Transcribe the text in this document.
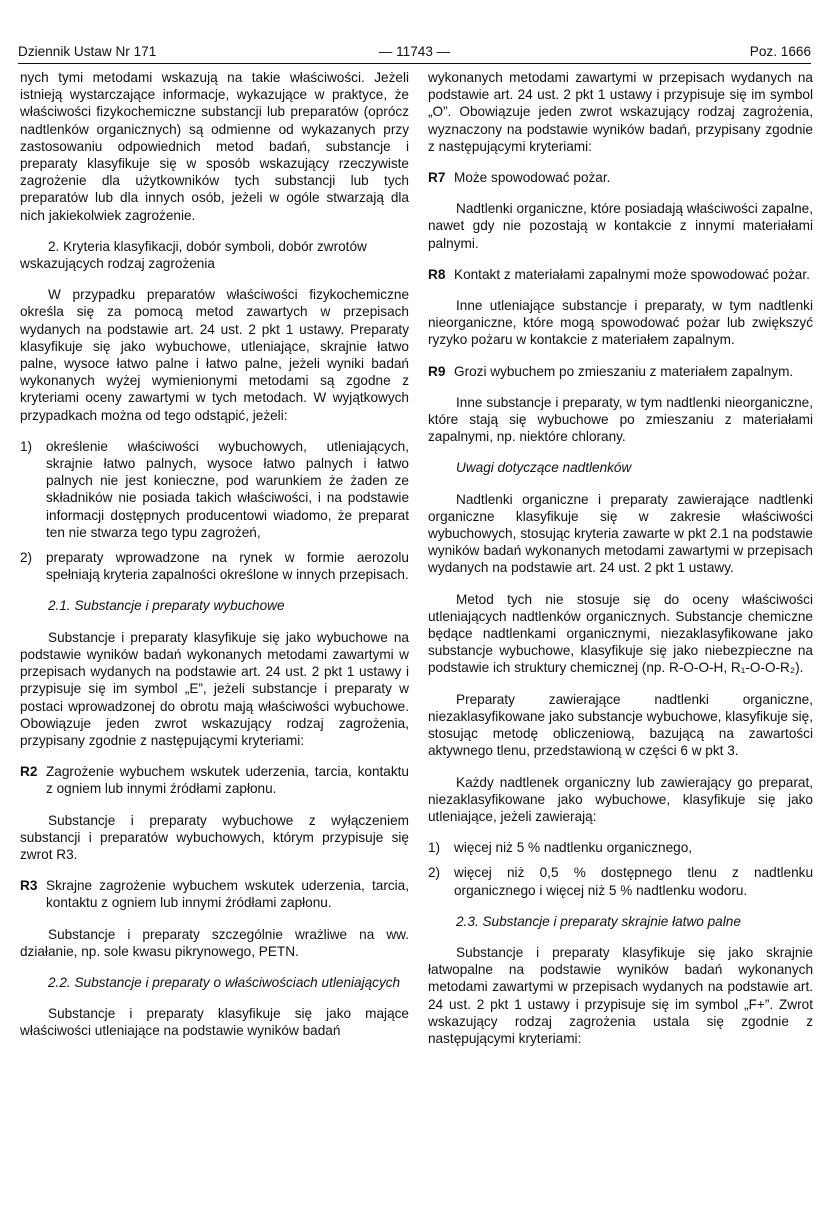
Dziennik Ustaw Nr 171	— 11743 —	Poz. 1666

nych tymi metodami wskazują na takie właściwości. Jeżeli istnieją wystarczające informacje, wykazujące w praktyce, że właściwości fizykochemiczne substancji lub preparatów (oprócz nadtlenków organicznych) są odmienne od wykazanych przy zastosowaniu odpowiednich metod badań, substancje i preparaty klasyfikuje się w sposób wskazujący rzeczywiste zagrożenie dla użytkowników tych substancji lub tych preparatów lub dla innych osób, jeżeli w ogóle stwarzają dla nich jakiekolwiek zagrożenie.

2. Kryteria klasyfikacji, dobór symboli, dobór zwrotów wskazujących rodzaj zagrożenia

W przypadku preparatów właściwości fizykochemiczne określa się za pomocą metod zawartych w przepisach wydanych na podstawie art. 24 ust. 2 pkt 1 ustawy. Preparaty klasyfikuje się jako wybuchowe, utleniające, skrajnie łatwo palne, wysoce łatwo palne i łatwo palne, jeżeli wyniki badań wykonanych wyżej wymienionymi metodami są zgodne z kryteriami oceny zawartymi w tych metodach. W wyjątkowych przypadkach można od tego odstąpić, jeżeli:

1) określenie właściwości wybuchowych, utleniających, skrajnie łatwo palnych, wysoce łatwo palnych i łatwo palnych nie jest konieczne, pod warunkiem że żaden ze składników nie posiada takich właściwości, i na podstawie informacji dostępnych producentowi wiadomo, że preparat ten nie stwarza tego typu zagrożeń,
2) preparaty wprowadzone na rynek w formie aerozolu spełniają kryteria zapalności określone w innych przepisach.

2.1. Substancje i preparaty wybuchowe

Substancje i preparaty klasyfikuje się jako wybuchowe na podstawie wyników badań wykonanych metodami zawartymi w przepisach wydanych na podstawie art. 24 ust. 2 pkt 1 ustawy i przypisuje się im symbol „E”, jeżeli substancje i preparaty w postaci wprowadzonej do obrotu mają właściwości wybuchowe. Obowiązuje jeden zwrot wskazujący rodzaj zagrożenia, przypisany zgodnie z następującymi kryteriami:

R2 Zagrożenie wybuchem wskutek uderzenia, tarcia, kontaktu z ogniem lub innymi źródłami zapłonu.

Substancje i preparaty wybuchowe z wyłączeniem substancji i preparatów wybuchowych, którym przypisuje się zwrot R3.

R3 Skrajne zagrożenie wybuchem wskutek uderzenia, tarcia, kontaktu z ogniem lub innymi źródłami zapłonu.

Substancje i preparaty szczególnie wrażliwe na ww. działanie, np. sole kwasu pikrynowego, PETN.

2.2. Substancje i preparaty o właściwościach utleniających

Substancje i preparaty klasyfikuje się jako mające właściwości utleniające na podstawie wyników badań

wykonanych metodami zawartymi w przepisach wydanych na podstawie art. 24 ust. 2 pkt 1 ustawy i przypisuje się im symbol „O”. Obowiązuje jeden zwrot wskazujący rodzaj zagrożenia, wyznaczony na podstawie wyników badań, przypisany zgodnie z następującymi kryteriami:

R7 Może spowodować pożar.

Nadtlenki organiczne, które posiadają właściwości zapalne, nawet gdy nie pozostają w kontakcie z innymi materiałami palnymi.

R8 Kontakt z materiałami zapalnymi może spowodować pożar.

Inne utleniające substancje i preparaty, w tym nadtlenki nieorganiczne, które mogą spowodować pożar lub zwiększyć ryzyko pożaru w kontakcie z materiałem zapalnym.

R9 Grozi wybuchem po zmieszaniu z materiałem zapalnym.

Inne substancje i preparaty, w tym nadtlenki nieorganiczne, które stają się wybuchowe po zmieszaniu z materiałami zapalnymi, np. niektóre chlorany.

Uwagi dotyczące nadtlenków

Nadtlenki organiczne i preparaty zawierające nadtlenki organiczne klasyfikuje się w zakresie właściwości wybuchowych, stosując kryteria zawarte w pkt 2.1 na podstawie wyników badań wykonanych metodami zawartymi w przepisach wydanych na podstawie art. 24 ust. 2 pkt 1 ustawy.

Metod tych nie stosuje się do oceny właściwości utleniających nadtlenków organicznych. Substancje chemiczne będące nadtlenkami organicznymi, niezaklasyfikowane jako substancje wybuchowe, klasyfikuje się jako niebezpieczne na podstawie ich struktury chemicznej (np. R-O-O-H, R₁-O-O-R₂).

Preparaty zawierające nadtlenki organiczne, niezaklasyfikowane jako substancje wybuchowe, klasyfikuje się, stosując metodę obliczeniową, bazującą na zawartości aktywnego tlenu, przedstawioną w części 6 w pkt 3.

Każdy nadtlenek organiczny lub zawierający go preparat, niezaklasyfikowane jako wybuchowe, klasyfikuje się jako utleniające, jeżeli zawierają:

1) więcej niż 5 % nadtlenku organicznego,
2) więcej niż 0,5 % dostępnego tlenu z nadtlenku organicznego i więcej niż 5 % nadtlenku wodoru.

2.3. Substancje i preparaty skrajnie łatwo palne

Substancje i preparaty klasyfikuje się jako skrajnie łatwopalne na podstawie wyników badań wykonanych metodami zawartymi w przepisach wydanych na podstawie art. 24 ust. 2 pkt 1 ustawy i przypisuje się im symbol „F+”. Zwrot wskazujący rodzaj zagrożenia ustala się zgodnie z następującymi kryteriami:
